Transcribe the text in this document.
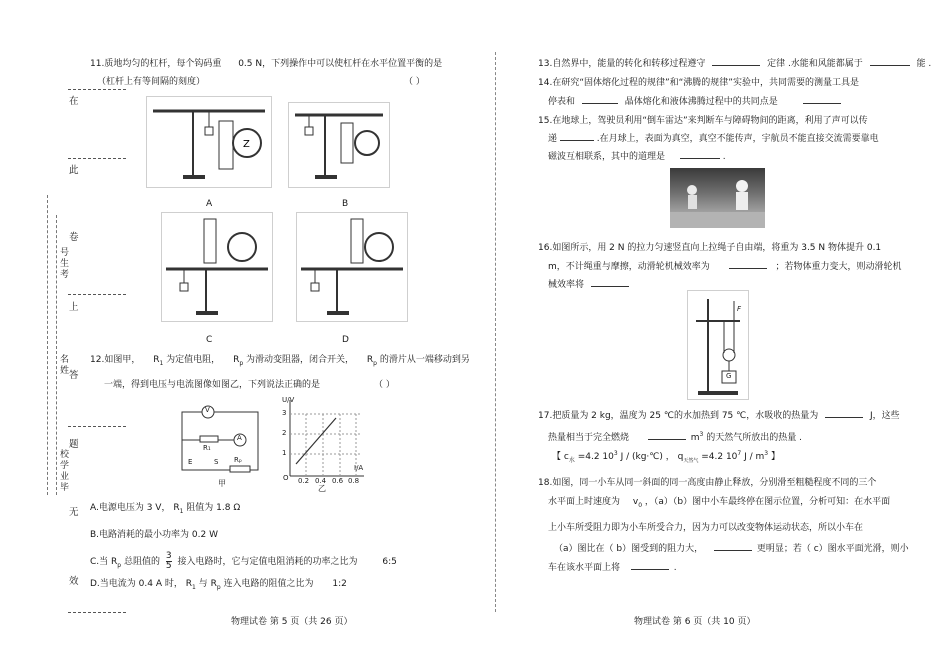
在
此
卷
上
答
题
无
效
号生考
名姓
校学业毕
11.质地均匀的杠杆，每个钩码重 0.5 N，下列操作中可以使杠杆在水平位置平衡的是
（杠杆上有等间隔的刻度）	（ ）
Z
A	B
C	D
12.如图甲， $R_1$ 为定值电阻， $R_p$ 为滑动变阻器，闭合开关， $R_p$ 的滑片从一端移动到另
一端，得到电压与电流图像如图乙，下列说法正确的是	（ ）
V
A
R₁
E	S Rₚ
甲
U/V
I/A
3
2
1
O 0.2 0.4 0.6 0.8
乙
A.电源电压为 3 V， $R_1$ 阻值为 1.8 Ω
B.电路消耗的最小功率为 0.2 W
C.当 $R_p$ 总阻值的 $\frac{3}{5}$ 接入电路时，它与定值电阻消耗的功率之比为	6:5
D.当电流为 0.4 A 时， $R_1$ 与 $R_p$ 连入电路的阻值之比为 1:2
物理试卷 第 5 页（共 26 页）
13.自然界中，能量的转化和转移过程遵守	定律 .水能和风能都属于	能 .
14.在研究“固体熔化过程的规律”和“沸腾的规律”实验中，共同需要的测量工具是
停表和	晶体熔化和液体沸腾过程中的共同点是
15.在地球上，驾驶员利用“倒车雷达”来判断车与障碍物间的距离，利用了声可以传
递	.在月球上，表面为真空，真空不能传声，宇航员不能直接交流需要靠电
磁波互相联系，其中的道理是	.
16.如图所示，用 2 N 的拉力匀速竖直向上拉绳子自由端，将重为 3.5 N 物体提升 0.1
m，不计绳重与摩擦，动滑轮机械效率为	；若物体重力变大，则动滑轮机
械效率将
F
G
17.把质量为 2 kg，温度为 25 ℃的水加热到 75 ℃，水吸收的热量为	J，这些
热量相当于完全燃烧	$m^3$ 的天然气所放出的热量 .
【 $c_水 =4.2$ $10^3$ J / (kg·℃) ， $q_{天然气} =4.2$ $10^7$ J / $m^3$ 】
18.如图，同一小车从同一斜面的同一高度由静止释放，分别滑至粗糙程度不同的三个
水平面上时速度为 $v_0$ ，（a）（b）图中小车最终停在图示位置，分析可知：在水平面
上小车所受阻力即为小车所受合力，因为力可以改变物体运动状态，所以小车在
（a）图比在（ b）图受到的阻力大，	更明显；若（ c）图水平面光滑，则小
车在该水平面上将	.
物理试卷 第 6 页（共 10 页）
